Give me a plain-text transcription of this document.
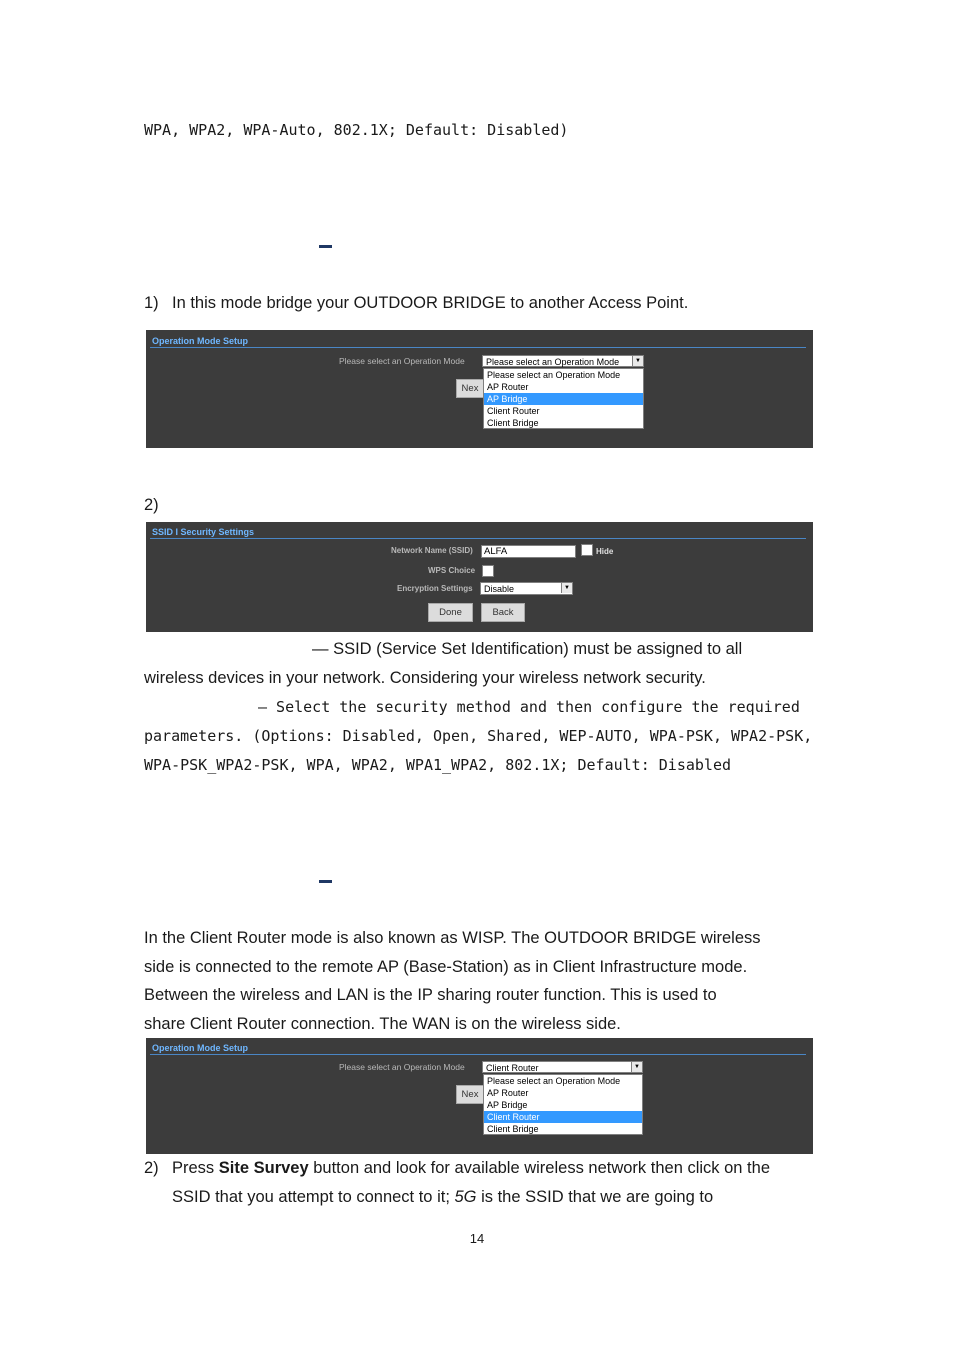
WPA, WPA2, WPA-Auto, 802.1X; Default: Disabled)
1) In this mode bridge your OUTDOOR BRIDGE to another Access Point.
Operation Mode Setup
Please select an Operation Mode	Please select an Operation Mode	▼
Nex
Please select an Operation Mode
AP Router
AP Bridge
Client Router
Client Bridge
2)
SSID I Security Settings
Network Name (SSID)	ALFA	Hide
WPS Choice
Encryption Settings	Disable	▼
Done	Back
— SSID (Service Set Identification) must be assigned to all
wireless devices in your network. Considering your wireless network security.
— Select the security method and then configure the required
parameters. (Options: Disabled, Open, Shared, WEP-AUTO, WPA-PSK, WPA2-PSK,
WPA-PSK_WPA2-PSK, WPA, WPA2, WPA1_WPA2, 802.1X; Default: Disabled
In the Client Router mode is also known as WISP. The OUTDOOR BRIDGE wireless
side is connected to the remote AP (Base-Station) as in Client Infrastructure mode.
Between the wireless and LAN is the IP sharing router function. This is used to
share Client Router connection. The WAN is on the wireless side.
Operation Mode Setup
Please select an Operation Mode	Client Router	▼
Nex
Please select an Operation Mode
AP Router
AP Bridge
Client Router
Client Bridge
2) Press Site Survey button and look for available wireless network then click on the
SSID that you attempt to connect to it; 5G is the SSID that we are going to
14
